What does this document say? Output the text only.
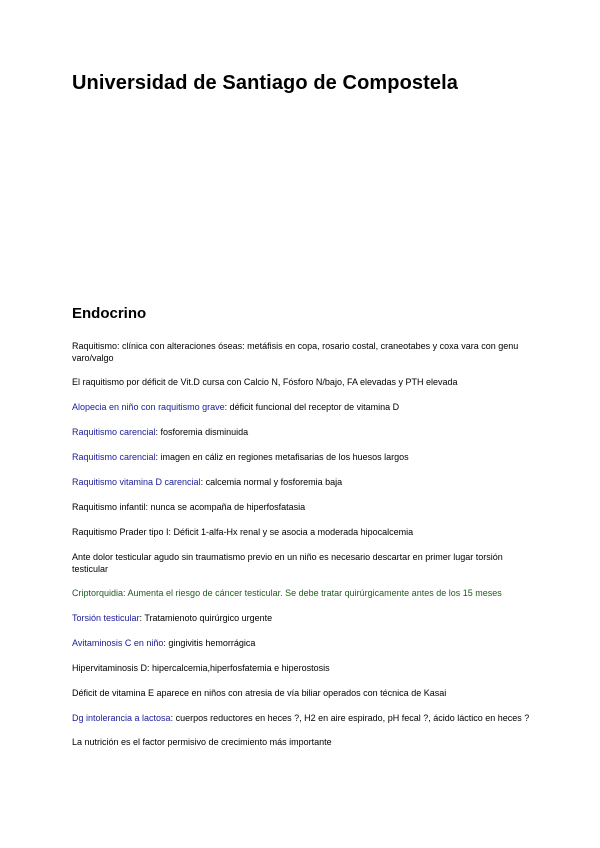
Universidad de Santiago de Compostela
Endocrino

Raquitismo: clínica con alteraciones óseas: metáfisis en copa, rosario costal, craneotabes y coxa vara con genu varo/valgo

El raquitismo por déficit de Vit.D cursa con Calcio N, Fósforo N/bajo, FA elevadas y PTH elevada

Alopecia en niño con raquitismo grave: déficit funcional del receptor de vitamina D

Raquitismo carencial: fosforemia disminuida

Raquitismo carencial: imagen en cáliz en regiones metafisarias de los huesos largos

Raquitismo vitamina D carencial: calcemia normal y fosforemia baja

Raquitismo infantil: nunca se acompaña de hiperfosfatasia

Raquitismo Prader tipo I: Déficit 1-alfa-Hx renal y se asocia a moderada hipocalcemia

Ante dolor testicular agudo sin traumatismo previo en un niño es necesario descartar en primer lugar torsión testicular

Criptorquidia: Aumenta el riesgo de cáncer testicular. Se debe tratar quirúrgicamente antes de los 15 meses

Torsión testicular: Tratamienoto quirúrgico urgente

Avitaminosis C en niño: gingivitis hemorrágica

Hipervitaminosis D: hipercalcemia,hiperfosfatemia e hiperostosis

Déficit de vitamina E aparece en niños con atresia de vía biliar operados con técnica de Kasai

Dg intolerancia a lactosa: cuerpos reductores en heces ?, H2 en aire espirado, pH fecal ?, ácido láctico en heces ?

La nutrición es el factor permisivo de crecimiento más importante
